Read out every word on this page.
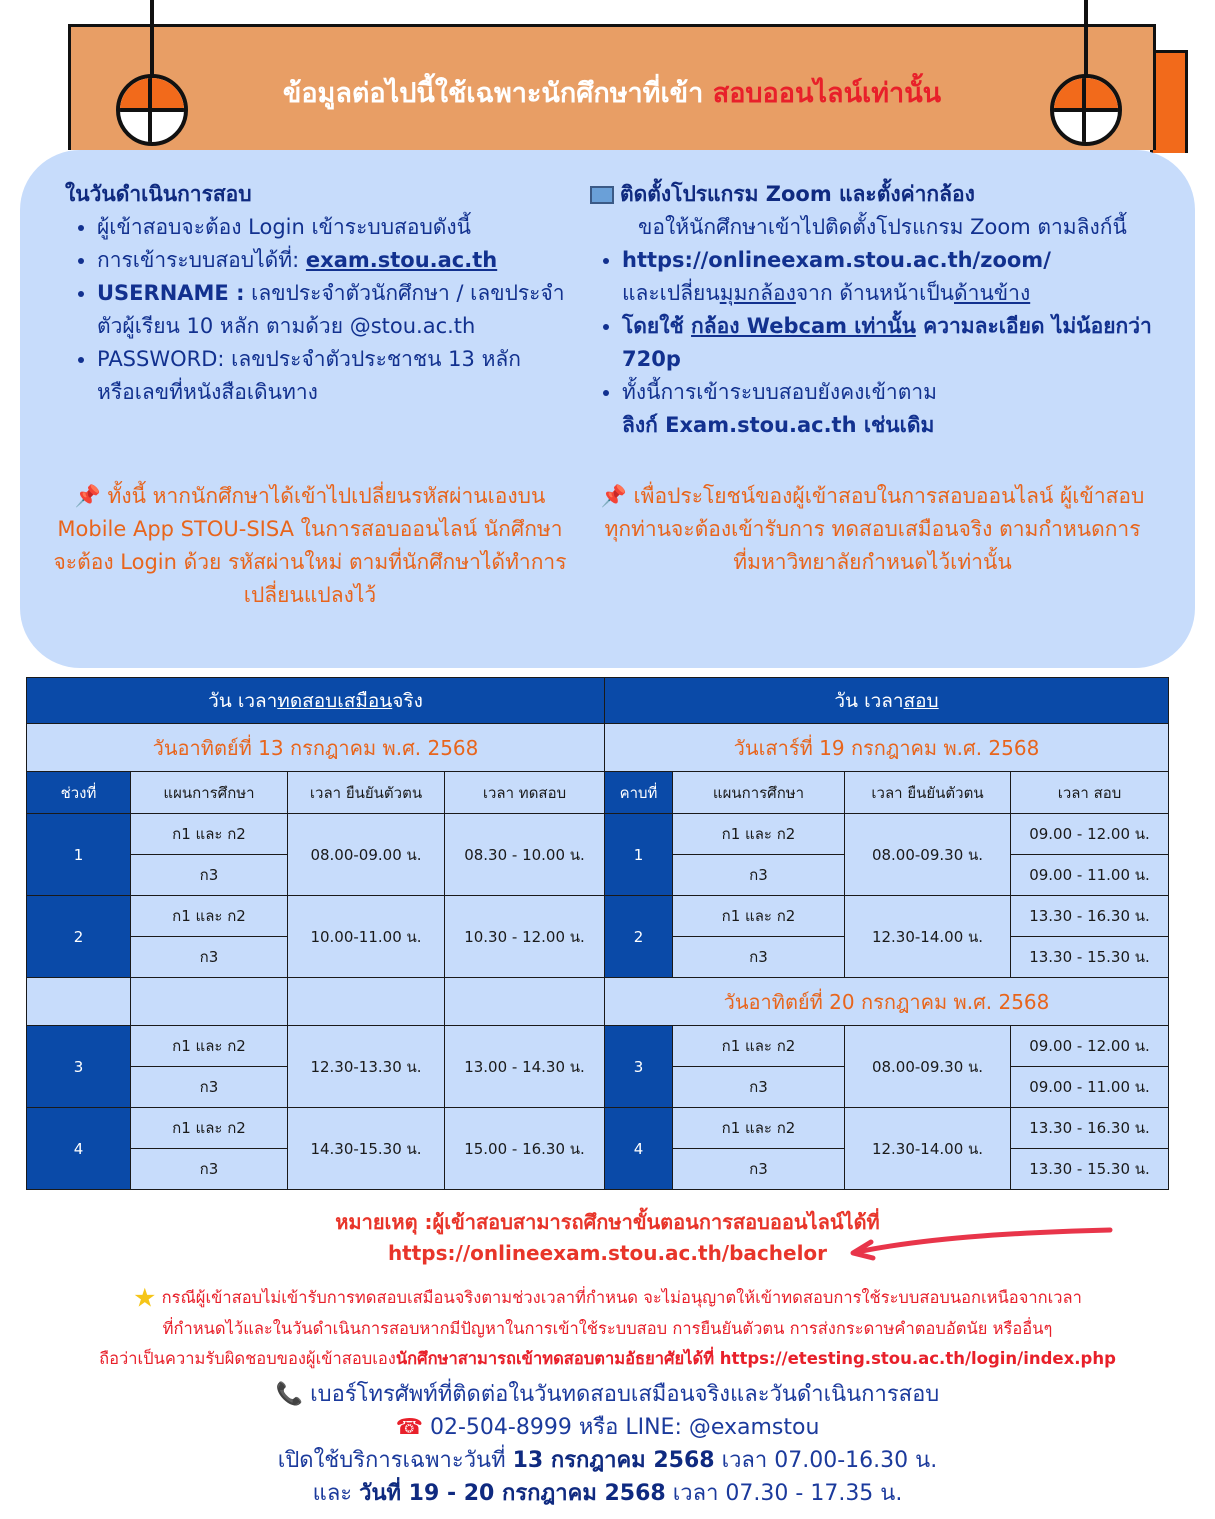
ข้อมูลต่อไปนี้ใช้เฉพาะนักศึกษาที่เข้า สอบออนไลน์เท่านั้น
ในวันดำเนินการสอบ
• ผู้เข้าสอบจะต้อง Login เข้าระบบสอบดังนี้
• การเข้าระบบสอบได้ที่: exam.stou.ac.th
• USERNAME : เลขประจำตัวนักศึกษา / เลขประจำตัวผู้เรียน 10 หลัก ตามด้วย @stou.ac.th
• PASSWORD: เลขประจำตัวประชาชน 13 หลัก หรือเลขที่หนังสือเดินทาง
ติดตั้งโปรแกรม Zoom และตั้งค่ากล้อง
ขอให้นักศึกษาเข้าไปติดตั้งโปรแกรม Zoom ตามลิงก์นี้
• https://onlineexam.stou.ac.th/zoom/
และเปลี่ยนมุมกล้องจาก ด้านหน้าเป็นด้านข้าง
• โดยใช้ กล้อง Webcam เท่านั้น ความละเอียด ไม่น้อยกว่า 720p
• ทั้งนี้การเข้าระบบสอบยังคงเข้าตาม
ลิงก์ Exam.stou.ac.th เช่นเดิม
📌 ทั้งนี้ หากนักศึกษาได้เข้าไปเปลี่ยนรหัสผ่านเองบน Mobile App STOU-SISA ในการสอบออนไลน์ นักศึกษาจะต้อง Login ด้วย รหัสผ่านใหม่ ตามที่นักศึกษาได้ทำการเปลี่ยนแปลงไว้
📌 เพื่อประโยชน์ของผู้เข้าสอบในการสอบออนไลน์ ผู้เข้าสอบทุกท่านจะต้องเข้ารับการ ทดสอบเสมือนจริง ตามกำหนดการที่มหาวิทยาลัยกำหนดไว้เท่านั้น
วัน เวลาทดสอบเสมือนจริง				วัน เวลาสอบ			
วันอาทิตย์ที่ 13 กรกฎาคม พ.ศ. 2568				วันเสาร์ที่ 19 กรกฎาคม พ.ศ. 2568			
ช่วงที่	แผนการศึกษา	เวลา ยืนยันตัวตน	เวลา ทดสอบ	คาบที่	แผนการศึกษา	เวลา ยืนยันตัวตน	เวลา สอบ
1	ก1 และ ก2	08.00-09.00 น.	08.30 - 10.00 น.	1	ก1 และ ก2	08.00-09.30 น.	09.00 - 12.00 น.
	ก3				ก3		09.00 - 11.00 น.
2	ก1 และ ก2	10.00-11.00 น.	10.30 - 12.00 น.	2	ก1 และ ก2	12.30-14.00 น.	13.30 - 16.30 น.
	ก3				ก3		13.30 - 15.30 น.
				วันอาทิตย์ที่ 20 กรกฎาคม พ.ศ. 2568			
3	ก1 และ ก2	12.30-13.30 น.	13.00 - 14.30 น.	3	ก1 และ ก2	08.00-09.30 น.	09.00 - 12.00 น.
	ก3				ก3		09.00 - 11.00 น.
4	ก1 และ ก2	14.30-15.30 น.	15.00 - 16.30 น.	4	ก1 และ ก2	12.30-14.00 น.	13.30 - 16.30 น.
	ก3				ก3		13.30 - 15.30 น.
หมายเหตุ :ผู้เข้าสอบสามารถศึกษาขั้นตอนการสอบออนไลน์ได้ที่
https://onlineexam.stou.ac.th/bachelor
★ กรณีผู้เข้าสอบไม่เข้ารับการทดสอบเสมือนจริงตามช่วงเวลาที่กำหนด จะไม่อนุญาตให้เข้าทดสอบการใช้ระบบสอบนอกเหนือจากเวลา
ที่กำหนดไว้และในวันดำเนินการสอบหากมีปัญหาในการเข้าใช้ระบบสอบ การยืนยันตัวตน การส่งกระดาษคำตอบอัตนัย หรืออื่นๆ
ถือว่าเป็นความรับผิดชอบของผู้เข้าสอบเองนักศึกษาสามารถเข้าทดสอบตามอัธยาศัยได้ที่ https://etesting.stou.ac.th/login/index.php
📞 เบอร์โทรศัพท์ที่ติดต่อในวันทดสอบเสมือนจริงและวันดำเนินการสอบ
☎ 02-504-8999 หรือ LINE: @examstou
เปิดใช้บริการเฉพาะวันที่ 13 กรกฎาคม 2568 เวลา 07.00-16.30 น.
และ วันที่ 19 - 20 กรกฎาคม 2568 เวลา 07.30 - 17.35 น.
